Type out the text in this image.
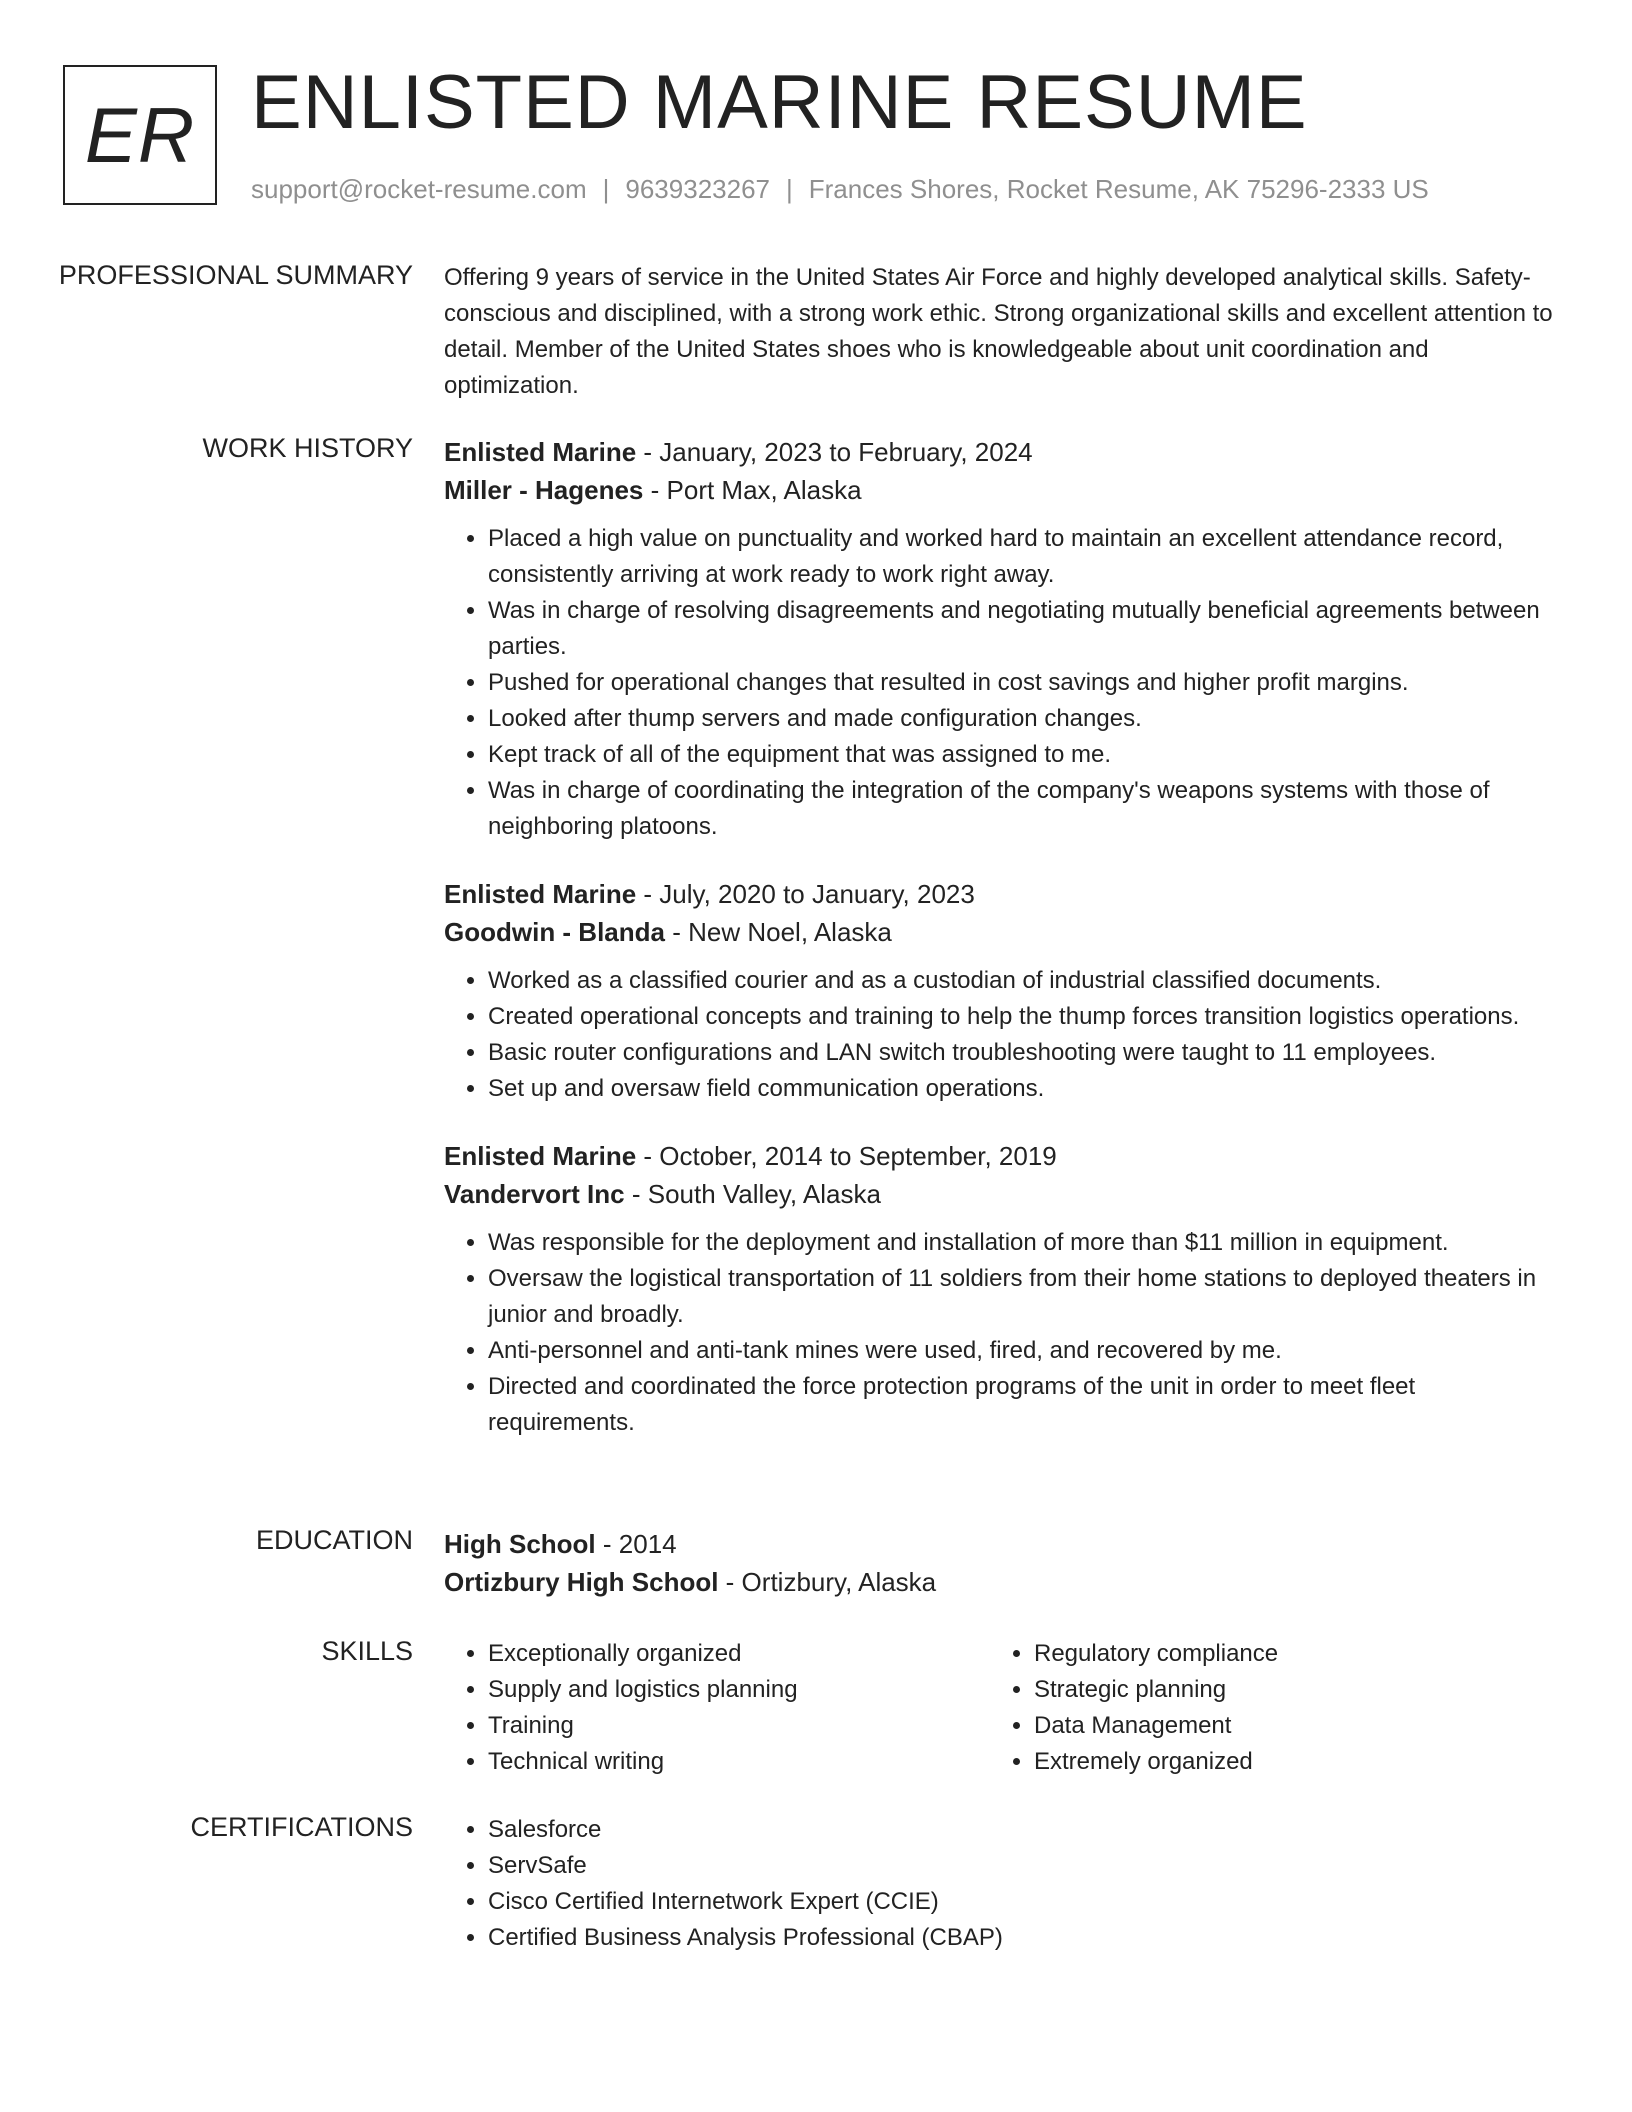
ER ENLISTED MARINE RESUME
support@rocket-resume.com | 9639323267 | Frances Shores, Rocket Resume, AK 75296-2333 US
PROFESSIONAL SUMMARY Offering 9 years of service in the United States Air Force and highly developed analytical skills. Safety-conscious and disciplined, with a strong work ethic. Strong organizational skills and excellent attention to detail. Member of the United States shoes who is knowledgeable about unit coordination and optimization.

WORK HISTORY Enlisted Marine - January, 2023 to February, 2024
Miller - Hagenes - Port Max, Alaska
• Placed a high value on punctuality and worked hard to maintain an excellent attendance record, consistently arriving at work ready to work right away.
• Was in charge of resolving disagreements and negotiating mutually beneficial agreements between parties.
• Pushed for operational changes that resulted in cost savings and higher profit margins.
• Looked after thump servers and made configuration changes.
• Kept track of all of the equipment that was assigned to me.
• Was in charge of coordinating the integration of the company's weapons systems with those of neighboring platoons.
Enlisted Marine - July, 2020 to January, 2023
Goodwin - Blanda - New Noel, Alaska
• Worked as a classified courier and as a custodian of industrial classified documents.
• Created operational concepts and training to help the thump forces transition logistics operations.
• Basic router configurations and LAN switch troubleshooting were taught to 11 employees.
• Set up and oversaw field communication operations.
Enlisted Marine - October, 2014 to September, 2019
Vandervort Inc - South Valley, Alaska
• Was responsible for the deployment and installation of more than $11 million in equipment.
• Oversaw the logistical transportation of 11 soldiers from their home stations to deployed theaters in junior and broadly.
• Anti-personnel and anti-tank mines were used, fired, and recovered by me.
• Directed and coordinated the force protection programs of the unit in order to meet fleet requirements.
EDUCATION High School - 2014
Ortizbury High School - Ortizbury, Alaska
SKILLS	• Exceptionally organized
• Supply and logistics planning
• Training
• Technical writing
• Regulatory compliance
• Strategic planning
• Data Management
• Extremely organized
CERTIFICATIONS	• Salesforce
• ServSafe
• Cisco Certified Internetwork Expert (CCIE)
• Certified Business Analysis Professional (CBAP)
